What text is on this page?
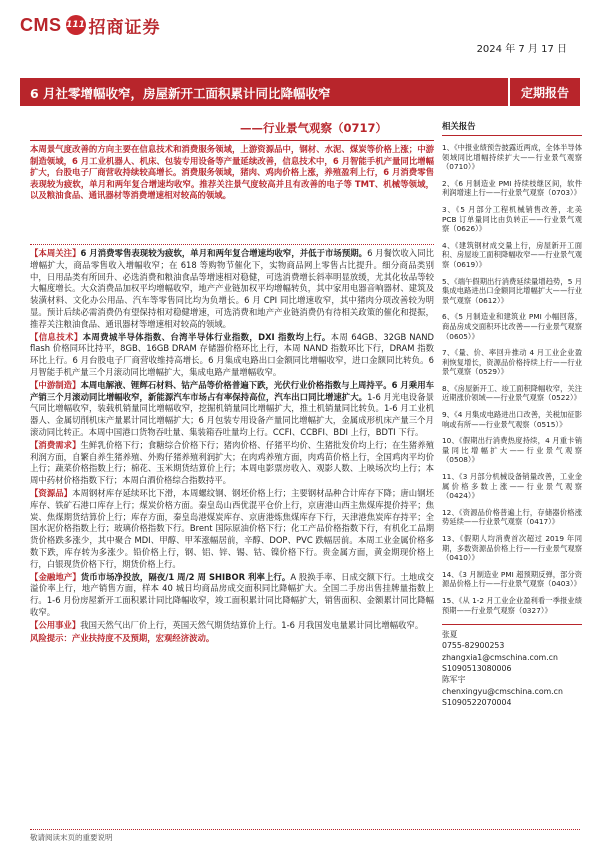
CMS 111 招商证券
2024 年 7 月 17 日
6 月社零增幅收窄，房屋新开工面积累计同比降幅收窄	定期报告
——行业景气观察（0717）
本周景气度改善的方向主要在信息技术和消费服务领域，上游资源品中，钢材、水泥、煤炭等价格上涨；中游制造领域，6 月工业机器人、机床、包装专用设备等产量延续改善，信息技术中，6 月智能手机产量同比增幅扩大，台股电子厂商营收持续较高增长。消费服务领域，猪肉、鸡肉价格上涨，养殖盈利上行，6 月消费零售表现较为疲软，单月和两年复合增速均收窄。推荐关注景气度较高并且有改善的电子等 TMT、机械等领域，以及粮油食品、通讯器材等消费增速相对较高的领域。

【本周关注】6 月消费零售表现较为疲软，单月和两年复合增速均收窄，并低于市场预期。6 月餐饮收入同比增幅扩大，商品零售收入增幅收窄；在 618 等购物节催化下，实物商品网上零售占比提升。细分商品类别中，日用品类有所回升、必选消费和粮油食品等增速相对稳健，可选消费增长斜率明显放缓，尤其化妆品等较大幅度增长。大众消费品加权平均增幅收窄，地产产业链加权平均增幅转负，其中家用电器音响器材、建筑及装潢材料、文化办公用品、汽车等零售同比均为负增长。6 月 CPI 同比增速收窄，其中猪肉分项改善较为明显。预计后续必需消费仍有望保持相对稳健增速，可选消费和地产产业链消费仍有待相关政策的催化和提振，推荐关注粮油食品、通讯器材等增速相对较高的领域。

【信息技术】本周费城半导体指数、台湾半导体行业指数，DXI 指数均上行。本周 64GB、32GB NAND flash 价格同环比持平，8GB、16GB DRAM 存储器价格环比上行，本周 NAND 指数环比下行，DRAM 指数环比上行。6 月台股电子厂商营收维持高增长。6 月集成电路出口金额同比增幅收窄，进口金额同比转负。6 月智能手机产量三个月滚动同比增幅扩大，集成电路产量增幅收窄。

【中游制造】本周电解液、锂辉石材料、钴产品等价格普遍下跌，光伏行业价格指数与上周持平。6 月乘用车产销三个月滚动同比增幅收窄，新能源汽车市场占有率保持高位，汽车出口同比增速扩大。1-6 月光电设备景气同比增幅收窄，装载机销量同比增幅收窄，挖掘机销量同比增幅扩大，推土机销量同比转负。1-6 月工业机器人、金属切削机床产量累计同比增幅扩大；6 月包装专用设备产量同比增幅扩大，金属成形机床产量三个月滚动同比转正。本周中国港口货物吞吐量、集装箱吞吐量均上行。CCFI、CCBFI、BDI 上行，BDTI 下行。

【消费需求】生鲜乳价格下行；食糖综合价格下行；猪肉价格、仔猪平均价、生猪批发价均上行；在生猪养殖利润方面，自繁自养生猪养殖、外购仔猪养殖利润扩大；在肉鸡养殖方面，肉鸡苗价格上行，全国鸡肉平均价上行；蔬菜价格指数上行；棉花、玉米期货结算价上行；本周电影票房收入、观影人数、上映场次均上行；本周中药材价格指数下行；本周白酒价格综合指数持平。

【资源品】本周钢材库存延续环比下滑，本周螺纹钢、钢坯价格上行；主要钢材品种合计库存下降；唐山钢坯库存、铁矿石港口库存上行；煤炭价格方面。秦皇岛山西优混平仓价上行，京唐港山西主焦煤库提价持平；焦炭、焦煤期货结算价上行；库存方面，秦皇岛港煤炭库存、京唐港炼焦煤库存下行，天津港焦炭库存持平；全国水泥价格指数上行；玻璃价格指数下行。Brent 国际原油价格下行；化工产品价格指数下行，有机化工品期货价格跌多涨少，其中聚合 MDI、甲醇、甲苯涨幅居前，辛醇、DOP、PVC 跌幅居前。本周工业金属价格多数下跌，库存转为多涨少。铅价格上行，钢、铝、锌、锡、钴、镍价格下行。贵金属方面，黄金期现价格上行，白银现货价格下行，期货价格上行。

【金融地产】货币市场净投放，隔夜/1 周/2 周 SHIBOR 利率上行。A 股换手率、日成交额下行。土地成交溢价率上行，地产销售方面，样本 40 城日均商品房成交面积同比降幅扩大。全国二手房出售挂牌量指数上行。1-6 月份房屋新开工面积累计同比降幅收窄，竣工面积累计同比降幅扩大，销售面积、金额累计同比降幅收窄。

【公用事业】我国天然气出厂价上行，英国天然气期货结算价上行。1-6 月我国发电量累计同比增幅收窄。

风险提示：产业扶持度不及预期，宏观经济波动。

相关报告
1、《中报业绩预告披露近两成，全体半导体领域同比增幅持续扩大——行业景气观察（0710）》
2、《6 月制造业 PMI 持续枝继区间，软件利润增速上行——行业景气观察（0703）》
3、《5 月部分工程机械销售改善，北美 PCB 订单量同比由负转正——行业景气观察（0626）》
4、《建筑钢材成交量上行，房屋新开工面积、房屋竣工面积降幅收窄——行业景气观察（0619）》
5、《端午假期出行消费延续量增趋势，5 月集成电路进出口金额同比增幅扩大——行业景气观察（0612）》
6、《5 月制造业和建筑业 PMI 小幅回落，商品房成交面积环比改善——行业景气观察（0605）》
7、《量、价、率回升推动 4 月工业企业盈利恢复增长，资源品价格持续上行——行业景气观察（0529）》
8、《房屋新开工、竣工面积降幅收窄，关注近期涨价领域——行业景气观察（0522）》
9、《4 月集成电路进出口改善，关税加征影响或有所——行业景气观察（0515）》
10、《假期出行消费热度持续，4 月重卡销量同比增幅扩大——行业景气观察（0508）》
11、《3 月部分机械设备销量改善，工业金属价格多数上涨——行业景气观察（0424）》
12、《资源品价格普遍上行，存储器价格涨势延续——行业景气观察（0417）》
13、《假期人均消费首次超过 2019 年同期，多数资源品价格上行——行业景气观察（0410）》
14、《3 月制造业 PMI 超预期反弹，部分资源品价格上行——行业景气观察（0403）》
15、《从 1-2 月工业企业盈利看一季报业绩预期——行业景气观察（0327）》
张夏
0755-82900253
zhangxia1@cmschina.com.cn
S1090513080006
陈军宇
chenxingyu@cmschina.com.cn
S1090522070004
敬请阅读末页的重要说明
